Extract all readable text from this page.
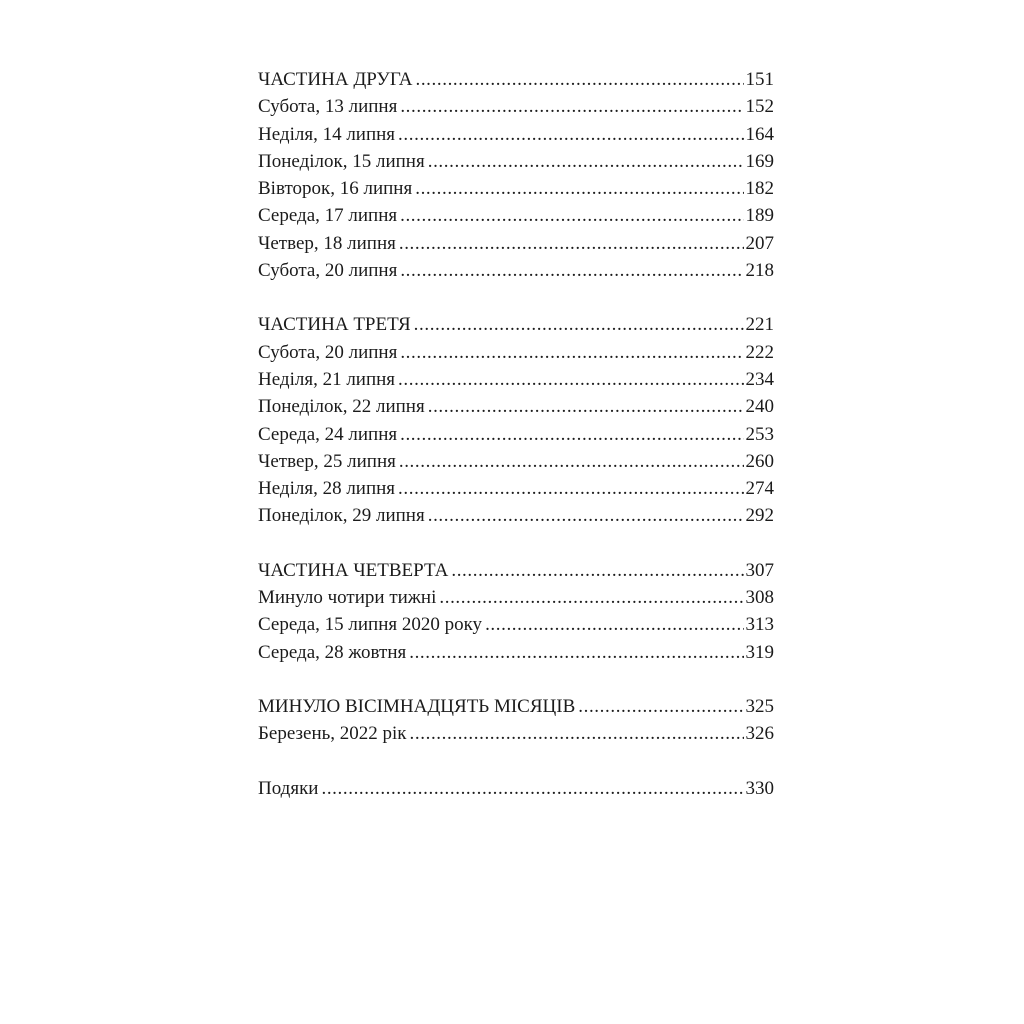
ЧАСТИНА ДРУГА .....	151
Субота, 13 липня .....	152
Неділя, 14 липня .....	164
Понеділок, 15 липня .....	169
Вівторок, 16 липня .....	182
Середа, 17 липня .....	189
Четвер, 18 липня .....	207
Субота, 20 липня .....	218
ЧАСТИНА ТРЕТЯ .....	221
Субота, 20 липня .....	222
Неділя, 21 липня .....	234
Понеділок, 22 липня .....	240
Середа, 24 липня .....	253
Четвер, 25 липня .....	260
Неділя, 28 липня .....	274
Понеділок, 29 липня .....	292
ЧАСТИНА ЧЕТВЕРТА .....	307
Минуло чотири тижні .....	308
Середа, 15 липня 2020 року .....	313
Середа, 28 жовтня .....	319
МИНУЛО ВІСІМНАДЦЯТЬ МІСЯЦІВ .....	325
Березень, 2022 рік .....	326
Подяки .....	330
